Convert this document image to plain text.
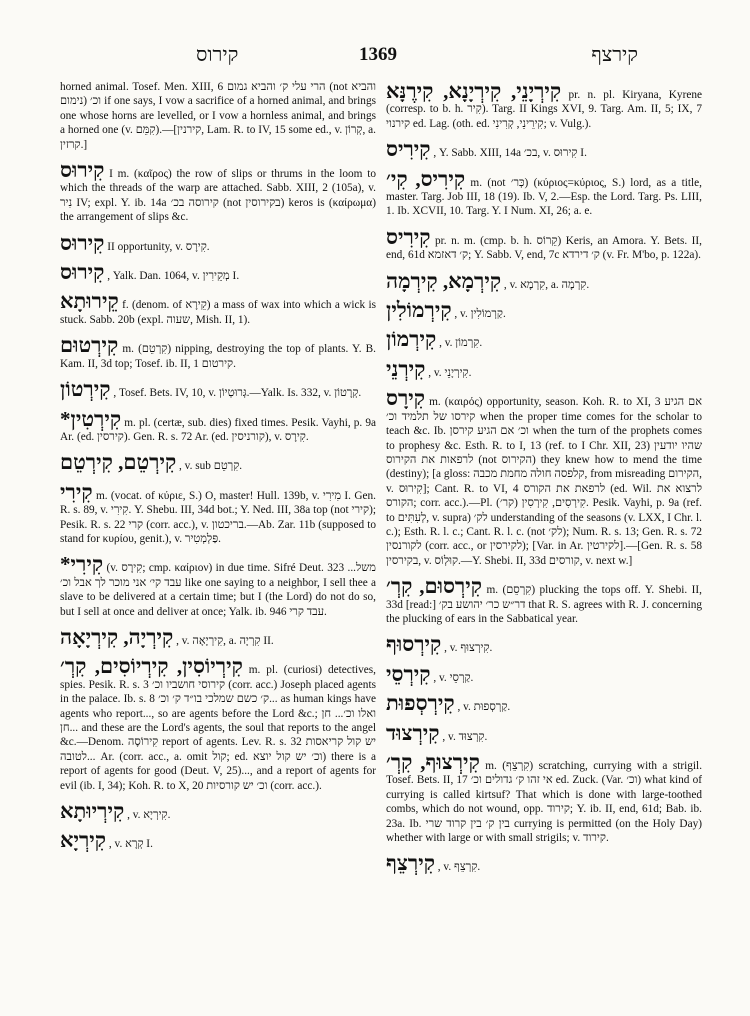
קירוס	1369	קירצף

horned animal. Tosef. Men. XIII, 6 הרי עלי ק׳ והביא גמום (not והביא נימום) וכ׳ if one says, I vow a sacrifice of a horned animal, and brings one whose horns are levelled, or I vow a hornless animal, and brings a horned one (v. קִמֵּם).—[קירנין, Lam. R. to IV, 15 some ed., v. קְרוֹן, a. קרזין.]

קִירוּס I m. (καῖρος) the row of slips or thrums in the loom to which the threads of the warp are attached. Sabb. XIII, 2 (105a), v. נִיר IV; expl. Y. ib. 14a קירוסה בכ׳ (not בקירוסין) keros is (καίρωμα) the arrangement of slips &c.

קִירוּס II opportunity, v. קִירָס.

קִירוּס , Yalk. Dan. 1064, v. מְקֵירִין I.

קֵירוּתָא f. (denom. of קֵירָא) a mass of wax into which a wick is stuck. Sabb. 20b (expl. שעוה, Mish. II, 1).

קִירְטוּם m. (קִרְטֵם) nipping, destroying the top of plants. Y. B. Kam. II, 3d top; Tosef. ib. II, 1 קירטום.

קִירְטוֹן , Tosef. Bets. IV, 10, v. גְּרוּטְיוֹן.—Yalk. Is. 332, v. קְרָטוֹן.

*קִירְטִין m. pl. (certæ, sub. dies) fixed times. Pesik. Vayhi, p. 9a Ar. (ed. קירסין). Gen. R. s. 72 Ar. (ed. קורניסין), v. קִירָס.

קִירְטֵם, קִירְטֵם , v. sub קִרְטֵם.

קִירִי m. (vocat. of κύριε, S.) O, master! Hull. 139b, v. מִירִי I. Gen. R. s. 89, v. קִירִי. Y. Shebu. III, 34d bot.; Y. Ned. III, 38a top (not קירי); Pesik. R. s. 22 קרי (corr. acc.), v. בריכטון.—Ab. Zar. 11b (supposed to stand for κυρίου, genit.), v. פַּלְמְטִיר.

*קִירִי (v. קִירָס; cmp. καίριον) in due time. Sifré Deut. 323 משל... עבד קי׳ אני מוכר לך אבל וכ׳ like one saying to a neighbor, I sell thee a slave to be delivered at a certain time; but I (the Lord) do not do so, but I sell at once and deliver at once; Yalk. ib. 946 עבד קרי.

קִירְיָה, קִירְיָאָה , v. קִירְיָאָה, a. קִרְיָה II.

קִירְיוֹסִין, קִירְיוֹסִים, קִרְ׳ m. pl. (curiosi) detectives, spies. Pesik. R. s. 3 קירוסי חושביו וכ׳ (corr. acc.) Joseph placed agents in the palace. Ib. s. 8 ק׳ כשם שמלכי בו״ד ק׳ וכ׳... as human kings have agents who report..., so are agents before the Lord &c.; ואלו וכ׳... חן חן... and these are the Lord's agents, the soul that reports to the angel &c.—Denom. קִירוֹסָה report of agents. Lev. R. s. 32 יש קול קריאסות לטובה... Ar. (corr. acc., a. omit קול; ed. וכ׳ יש קול יוצא) there is a report of agents for good (Deut. V, 25)..., and a report of agents for evil (ib. I, 34); Koh. R. to X, 20 וכ׳ יש קורסיות (corr. acc.).

קִירְיוּתָא , v. קִירְיָא.

קִירְיָא , v. קְרָא I.

קִירְיָנֵי, קִירְיָנָא, קִירֶנָּא pr. n. pl. Kiryana, Kyrene (corresp. to b. h. קִיר). Targ. II Kings XVI, 9. Targ. Am. II, 5; IX, 7 קירנוי ed. Lag. (oth. ed. קִירֵינֵי, קְרִינִי; v. Vulg.).

קִירִיס , Y. Sabb. XIII, 14a בכ׳, v. קִירוּס I.

קִירִיס, קִי׳ m. (not כְּר׳) (κύριος=κύριος, S.) lord, as a title, master. Targ. Job III, 18 (19). Ib. V, 2.—Esp. the Lord. Targ. Ps. LIII, 1. Ib. XCVII, 10. Targ. Y. I Num. XI, 26; a. e.

קִירִיס pr. n. m. (cmp. b. h. קֵרוֹס) Keris, an Amora. Y. Bets. II, end, 61d ק׳ דאזמא; Y. Sabb. V, end, 7c ק׳ דירדא (v. Fr. M'bo, p. 122a).

קִירְמָא, קִירְמָה , v. קִרְמָא, a. קִרְמָה.

קִירְמוֹלִין , v. קַרְמוֹלִין.

קִירְמוֹן , v. קִרְמוֹן.

קִירְנֵי , v. קִירְיָנֵי.

קִירָס m. (καιρός) opportunity, season. Koh. R. to XI, 3 אם הגיע קירסו של תלמיד וכ׳ when the proper time comes for the scholar to teach &c. Ib. וכ׳ אם הגיע קירסן when the turn of the prophets comes to prophesy &c. Esth. R. to I, 13 (ref. to I Chr. XII, 23) שהיו יודעין לרפאות את הקירוס (not הקירוס) they knew how to mend the time (destiny); [a gloss: קלפסה חולה מחמת מכבה, from misreading הקירום, v. קִירוּס]; Cant. R. to VI, 4 לרפאת את הקורס (ed. Wil. לרצוא את הקורס; corr. acc.).—Pl. קִירְסִים, קִירְסִין (קר׳). Pesik. Vayhi, p. 9a (ref. to לְעִתִּים, v. supra) לק׳ understanding of the seasons (v. LXX, I Chr. l. c.); Esth. R. l. c.; Cant. R. l. c. (not לק׳); Num. R. s. 13; Gen. R. s. 72 לקורנסין (corr. acc., or לקירסין); [Var. in Ar. לקירטין].—[Gen. R. s. 58 בקירסין, v. קוּלְוֹס.—Y. Shebi. II, 33d קורסים, v. next w.]

קִירְסוּם, קִרְ׳ m. (קִרְסֵם) plucking the tops off. Y. Shebi. II, 33d [read:] דר״ש כר׳ יהושע בק׳ that R. S. agrees with R. J. concerning the plucking of ears in the Sabbatical year.

קִירְסוּף , v. קִירְצוּף.

קִירְסֵי , v. קַרְסֵי.

קִירְסְפוּת , v. קַרְסְפוּת.

קִירְצוּד , v. קִרְצוּד.

קִירְצוּף, קִרְ׳ m. (קִרְצֵף) scratching, currying with a strigil. Tosef. Bets. II, 17 אי זהו ק׳ גדולים וכ׳ ed. Zuck. (Var. וכ׳) what kind of currying is called kirtsuf? That which is done with large-toothed combs, which do not wound, opp. קירוד; Y. ib. II, end, 61d; Bab. ib. 23a. Ib. בין ק׳ בין קרוד שרי currying is permitted (on the Holy Day) whether with large or with small strigils; v. קירוד.

קִירְצֵף , v. קִרְצֵף.
